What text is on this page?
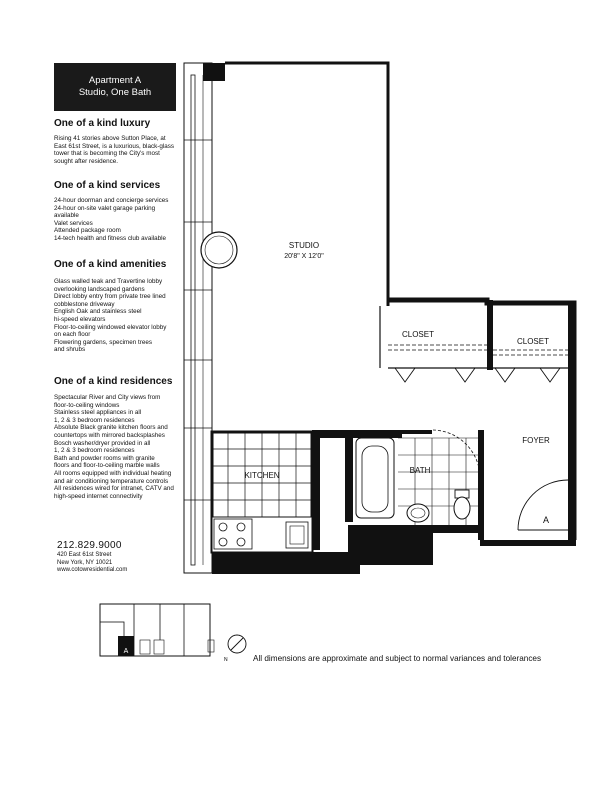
Apartment A
Studio, One Bath
One of a kind luxury
Rising 41 stories above Sutton Place, at
East 61st Street, is a luxurious, black-glass
tower that is becoming the City's most
sought after residence.
One of a kind services
24-hour doorman and concierge services
24-hour on-site valet garage parking
available
Valet services
Attended package room
14-tech health and fitness club available
One of a kind amenities
Glass walled teak and Travertine lobby
overlooking landscaped gardens
Direct lobby entry from private tree lined
cobblestone driveway
English Oak and stainless steel
hi-speed elevators
Floor-to-ceiling windowed elevator lobby
on each floor
Flowering gardens, specimen trees
and shrubs
One of a kind residences
Spectacular River and City views from
floor-to-ceiling windows
Stainless steel appliances in all
1, 2 & 3 bedroom residences
Absolute Black granite kitchen floors and
countertops with mirrored backsplashes
Bosch washer/dryer provided in all
1, 2 & 3 bedroom residences
Bath and powder rooms with granite
floors and floor-to-ceiling marble walls
All rooms equipped with individual heating
and air conditioning temperature controls
All residences wired for intranet, CATV and
high-speed internet connectivity
212.829.9000
420 East 61st Street
New York, NY 10021
www.cotowresidential.com
STUDIO
20'8" X 12'0"
CLOSET
CLOSET
FOYER
KITCHEN
BATH
A
A
N	All dimensions are approximate and subject to normal variances and tolerances
